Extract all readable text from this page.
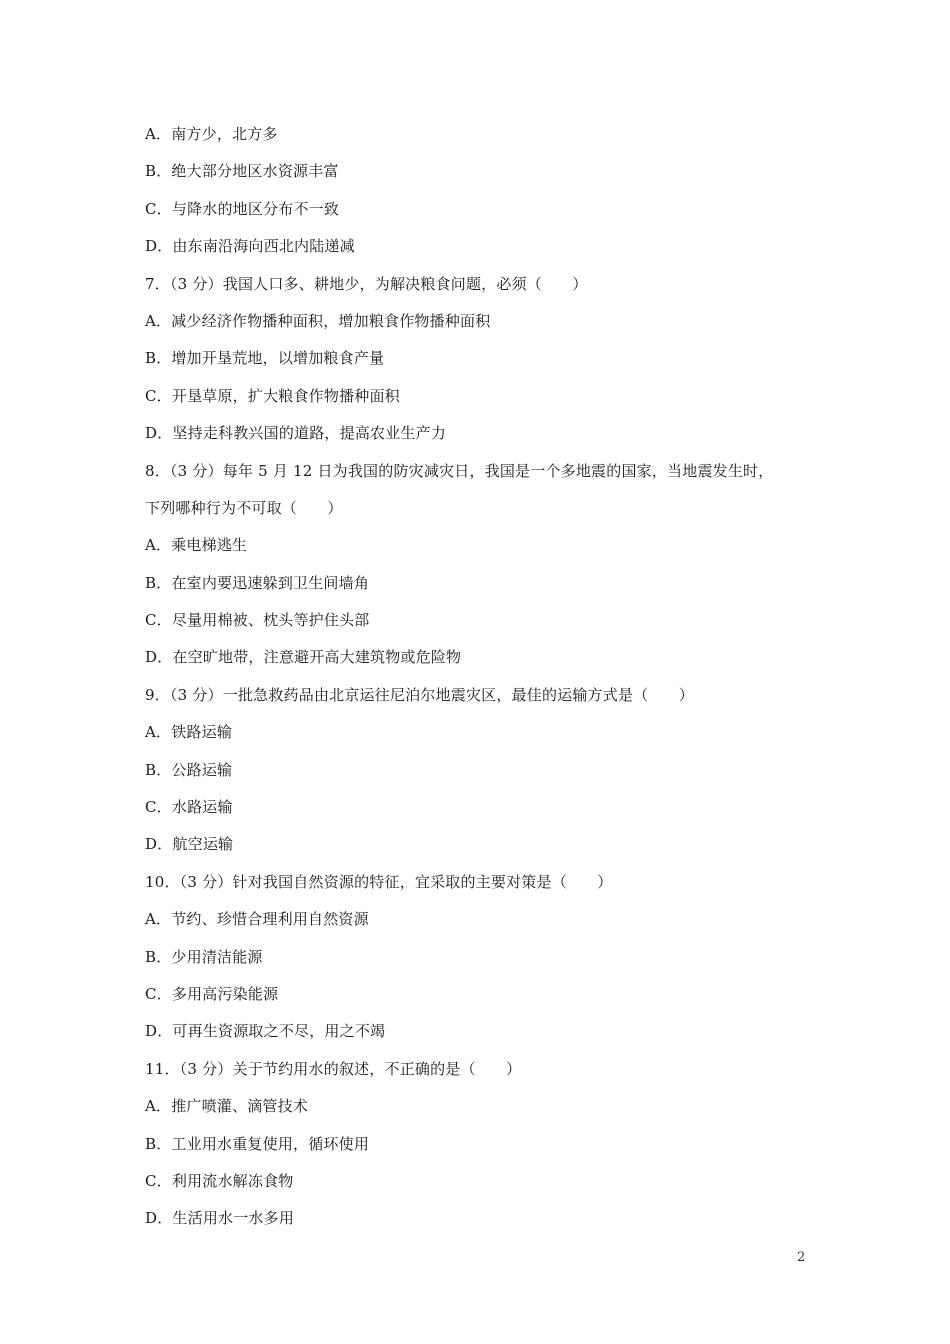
A．南方少，北方多
B．绝大部分地区水资源丰富
C．与降水的地区分布不一致
D．由东南沿海向西北内陆递减
7．（3 分）我国人口多、耕地少，为解决粮食问题，必须（　　）
A．减少经济作物播种面积，增加粮食作物播种面积
B．增加开垦荒地，以增加粮食产量
C．开垦草原，扩大粮食作物播种面积
D．坚持走科教兴国的道路，提高农业生产力
8．（3 分）每年 5 月 12 日为我国的防灾减灾日，我国是一个多地震的国家，当地震发生时，
下列哪种行为不可取（　　）
A．乘电梯逃生
B．在室内要迅速躲到卫生间墙角
C．尽量用棉被、枕头等护住头部
D．在空旷地带，注意避开高大建筑物或危险物
9．（3 分）一批急救药品由北京运往尼泊尔地震灾区，最佳的运输方式是（　　）
A．铁路运输
B．公路运输
C．水路运输
D．航空运输
10．（3 分）针对我国自然资源的特征，宜采取的主要对策是（　　）
A．节约、珍惜合理利用自然资源
B．少用清洁能源
C．多用高污染能源
D．可再生资源取之不尽，用之不竭
11．（3 分）关于节约用水的叙述，不正确的是（　　）
A．推广喷灌、滴管技术
B．工业用水重复使用，循环使用
C．利用流水解冻食物
D．生活用水一水多用
2
